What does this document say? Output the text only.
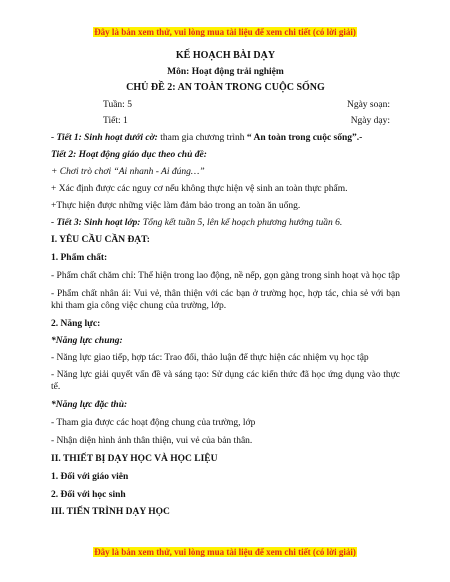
Đây là bản xem thử, vui lòng mua tài liệu để xem chi tiết (có lời giải)
KẾ HOẠCH BÀI DẠY
Môn: Hoạt động trải nghiệm
CHỦ ĐỀ 2: AN TOÀN TRONG CUỘC SỐNG
Tuần: 5	Ngày soạn:
Tiết: 1	Ngày dạy:

- Tiết 1: Sinh hoạt dưới cờ: tham gia chương trình “ An toàn trong cuộc sống”.-

Tiết 2: Hoạt động giáo dục theo chủ đề:

+ Chơi trò chơi “Ai nhanh - Ai đúng…”

+ Xác định được các nguy cơ nếu không thực hiện vệ sinh an toàn thực phẩm.

+Thực hiện được những việc làm đảm bảo trong an toàn ăn uống.

- Tiết 3: Sinh hoạt lớp: Tổng kết tuần 5, lên kế hoạch phương hướng tuần 6.

I. YÊU CẦU CẦN ĐẠT:

1. Phẩm chất:

- Phẩm chất chăm chỉ: Thể hiện trong lao động, nề nếp, gọn gàng trong sinh hoạt và học tập

- Phẩm chất nhân ái: Vui vẻ, thân thiện với các bạn ở trường học, hợp tác, chia sẻ với bạn khi tham gia công việc chung của trường, lớp.

2. Năng lực:

*Năng lực chung:

- Năng lực giao tiếp, hợp tác: Trao đổi, thảo luận để thực hiện các nhiệm vụ học tập

- Năng lực giải quyết vấn đề và sáng tạo: Sử dụng các kiến thức đã học ứng dụng vào thực tế.

*Năng lực đặc thù:

- Tham gia được các hoạt động chung của trường, lớp

- Nhận diện hình ảnh thân thiện, vui vẻ của bản thân.

II. THIẾT BỊ DẠY HỌC VÀ HỌC LIỆU

1. Đối với giáo viên

2. Đối với học sinh

III. TIẾN TRÌNH DẠY HỌC

Đây là bản xem thử, vui lòng mua tài liệu để xem chi tiết (có lời giải)
